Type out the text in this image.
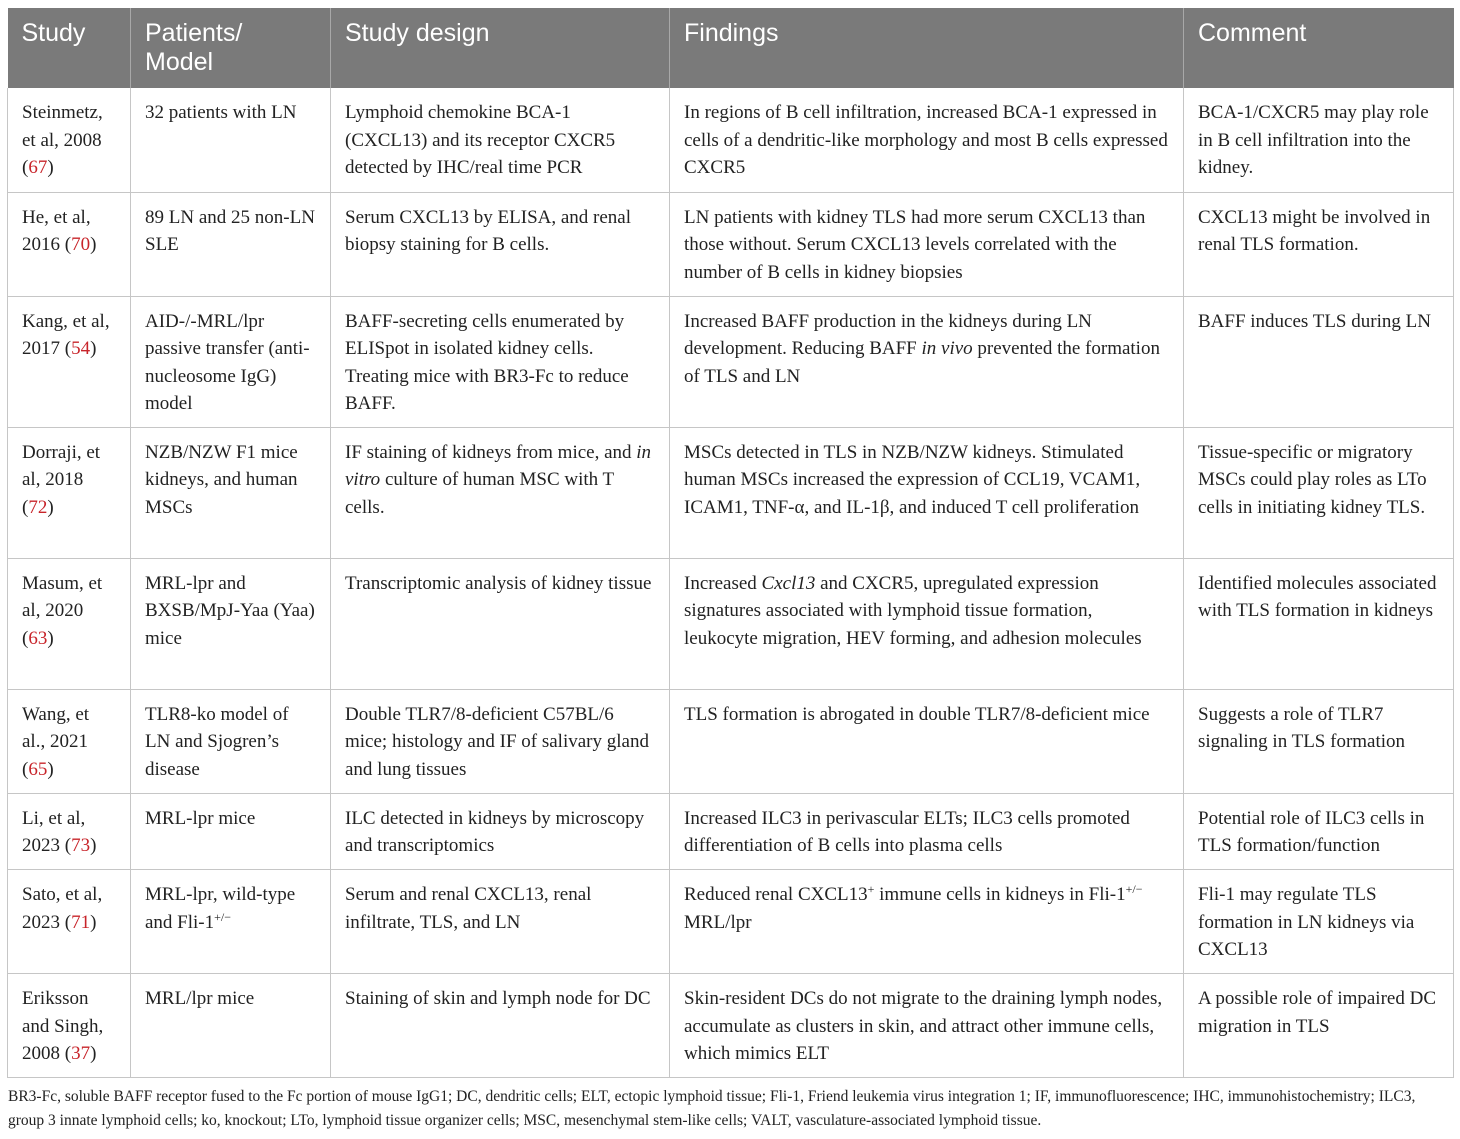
Study	Patients/ Model	Study design	Findings	Comment
Steinmetz, et al, 2008 (67)	32 patients with LN	Lymphoid chemokine BCA-1 (CXCL13) and its receptor CXCR5 detected by IHC/real time PCR	In regions of B cell infiltration, increased BCA-1 expressed in cells of a dendritic-like morphology and most B cells expressed CXCR5	BCA-1/CXCR5 may play role in B cell infiltration into the kidney.
He, et al, 2016 (70)	89 LN and 25 non-LN SLE	Serum CXCL13 by ELISA, and renal biopsy staining for B cells.	LN patients with kidney TLS had more serum CXCL13 than those without. Serum CXCL13 levels correlated with the number of B cells in kidney biopsies	CXCL13 might be involved in renal TLS formation.
Kang, et al, 2017 (54)	AID-/-MRL/lpr passive transfer (anti-nucleosome IgG) model	BAFF-secreting cells enumerated by ELISpot in isolated kidney cells. Treating mice with BR3-Fc to reduce BAFF.	Increased BAFF production in the kidneys during LN development. Reducing BAFF in vivo prevented the formation of TLS and LN	BAFF induces TLS during LN
Dorraji, et al, 2018 (72)	NZB/NZW F1 mice kidneys, and human MSCs	IF staining of kidneys from mice, and in vitro culture of human MSC with T cells.	MSCs detected in TLS in NZB/NZW kidneys. Stimulated human MSCs increased the expression of CCL19, VCAM1, ICAM1, TNF-α, and IL-1β, and induced T cell proliferation	Tissue-specific or migratory MSCs could play roles as LTo cells in initiating kidney TLS.
Masum, et al, 2020 (63)	MRL-lpr and BXSB/MpJ-Yaa (Yaa) mice	Transcriptomic analysis of kidney tissue	Increased Cxcl13 and CXCR5, upregulated expression signatures associated with lymphoid tissue formation, leukocyte migration, HEV forming, and adhesion molecules	Identified molecules associated with TLS formation in kidneys
Wang, et al., 2021 (65)	TLR8-ko model of LN and Sjogren’s disease	Double TLR7/8-deficient C57BL/6 mice; histology and IF of salivary gland and lung tissues	TLS formation is abrogated in double TLR7/8-deficient mice	Suggests a role of TLR7 signaling in TLS formation
Li, et al, 2023 (73)	MRL-lpr mice	ILC detected in kidneys by microscopy and transcriptomics	Increased ILC3 in perivascular ELTs; ILC3 cells promoted differentiation of B cells into plasma cells	Potential role of ILC3 cells in TLS formation/function
Sato, et al, 2023 (71)	MRL-lpr, wild-type and Fli-1+/−	Serum and renal CXCL13, renal infiltrate, TLS, and LN	Reduced renal CXCL13+ immune cells in kidneys in Fli-1+/− MRL/lpr	Fli-1 may regulate TLS formation in LN kidneys via CXCL13
Eriksson and Singh, 2008 (37)	MRL/lpr mice	Staining of skin and lymph node for DC	Skin-resident DCs do not migrate to the draining lymph nodes, accumulate as clusters in skin, and attract other immune cells, which mimics ELT	A possible role of impaired DC migration in TLS
BR3-Fc, soluble BAFF receptor fused to the Fc portion of mouse IgG1; DC, dendritic cells; ELT, ectopic lymphoid tissue; Fli-1, Friend leukemia virus integration 1; IF, immunofluorescence; IHC, immunohistochemistry; ILC3, group 3 innate lymphoid cells; ko, knockout; LTo, lymphoid tissue organizer cells; MSC, mesenchymal stem-like cells; VALT, vasculature-associated lymphoid tissue.
